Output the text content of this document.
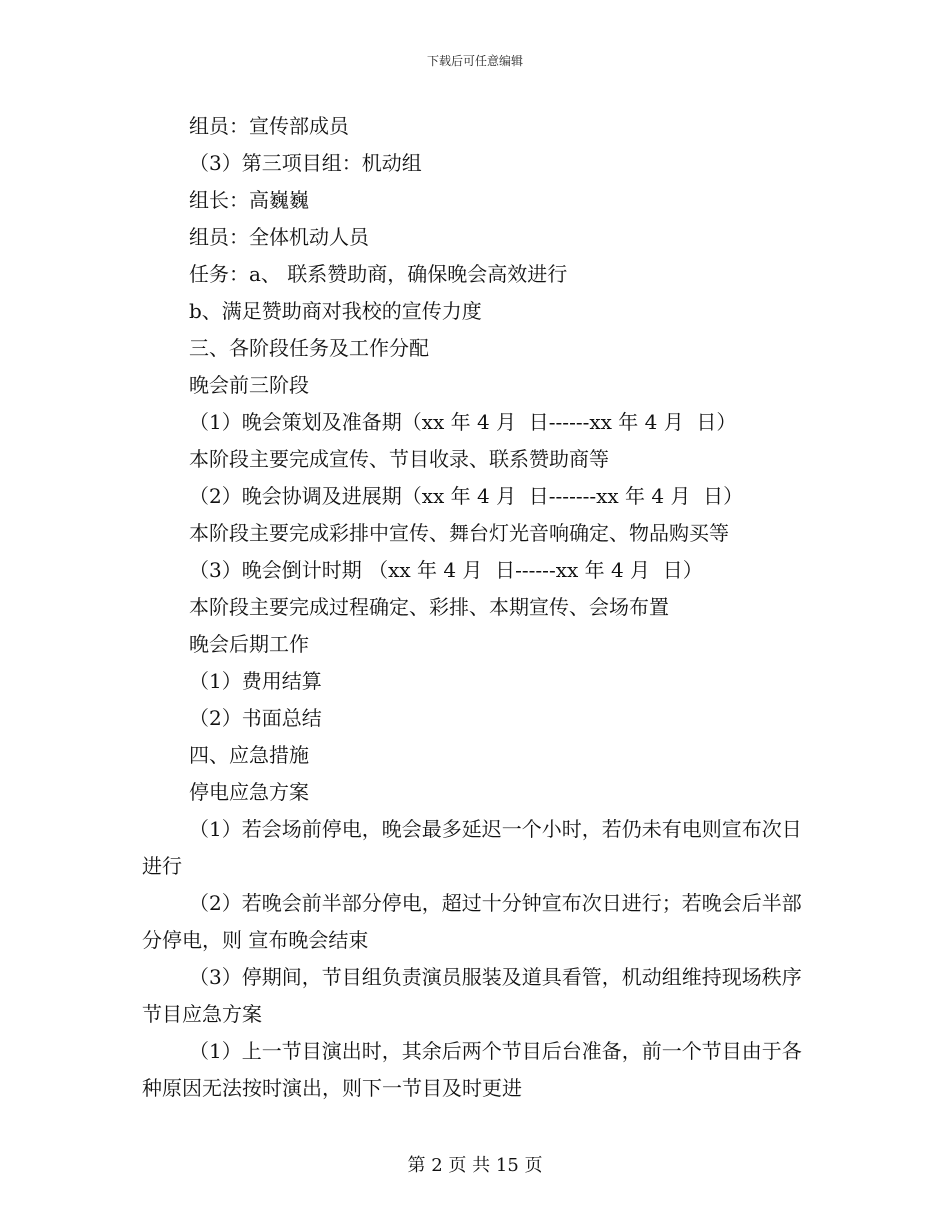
下载后可任意编辑

组员：宣传部成员

（3）第三项目组：机动组

组长：高巍巍

组员：全体机动人员

任务：a、 联系赞助商，确保晚会高效进行

b、满足赞助商对我校的宣传力度

三、各阶段任务及工作分配

晚会前三阶段

（1）晚会策划及准备期（xx 年 4 月  日------xx 年 4 月  日）

本阶段主要完成宣传、节目收录、联系赞助商等

（2）晚会协调及进展期（xx 年 4 月  日-------xx 年 4 月  日）

本阶段主要完成彩排中宣传、舞台灯光音响确定、物品购买等

（3）晚会倒计时期 （xx 年 4 月  日------xx 年 4 月  日）

本阶段主要完成过程确定、彩排、本期宣传、会场布置

晚会后期工作

（1）费用结算

（2）书面总结

四、应急措施

停电应急方案

（1）若会场前停电，晚会最多延迟一个小时，若仍未有电则宣布次日进行

（2）若晚会前半部分停电，超过十分钟宣布次日进行；若晚会后半部分停电，则 宣布晚会结束

（3）停期间，节目组负责演员服装及道具看管，机动组维持现场秩序节目应急方案

（1）上一节目演出时，其余后两个节目后台准备，前一个节目由于各种原因无法按时演出，则下一节目及时更进

第 2 页 共 15 页
